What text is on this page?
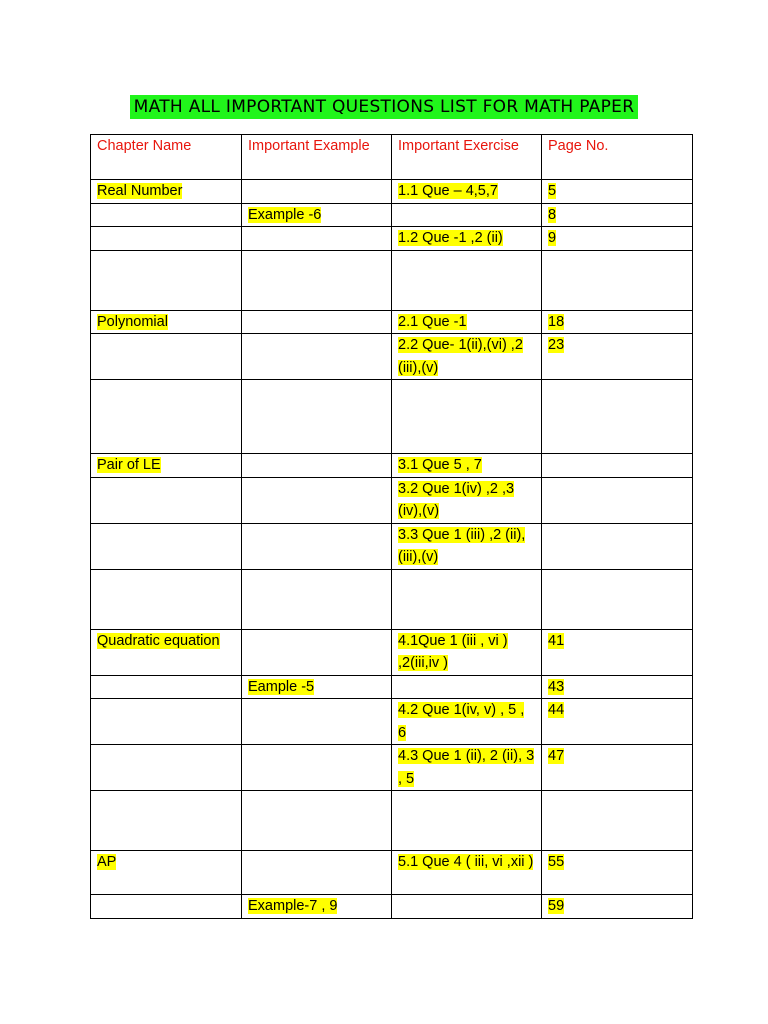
MATH ALL IMPORTANT QUESTIONS LIST FOR MATH PAPER
Chapter Name	Important Example	Important Exercise	Page No.
Real Number		1.1 Que – 4,5,7	5
	Example -6		8
		1.2 Que -1 ,2 (ii)	9

Polynomial		2.1 Que -1	18
		2.2 Que- 1(ii),(vi) ,2 (iii),(v)	23

Pair of LE		3.1 Que 5 , 7	
		3.2 Que 1(iv) ,2 ,3 (iv),(v)	
		3.3 Que 1 (iii) ,2 (ii),(iii),(v)	

Quadratic equation		4.1Que 1 (iii , vi ) ,2(iii,iv )	41
	Eample -5		43
		4.2 Que 1(iv, v) , 5 , 6	44
		4.3 Que 1 (ii), 2 (ii), 3 , 5	47

AP		5.1 Que 4 ( iii, vi ,xii )	55
	Example-7 , 9		59
